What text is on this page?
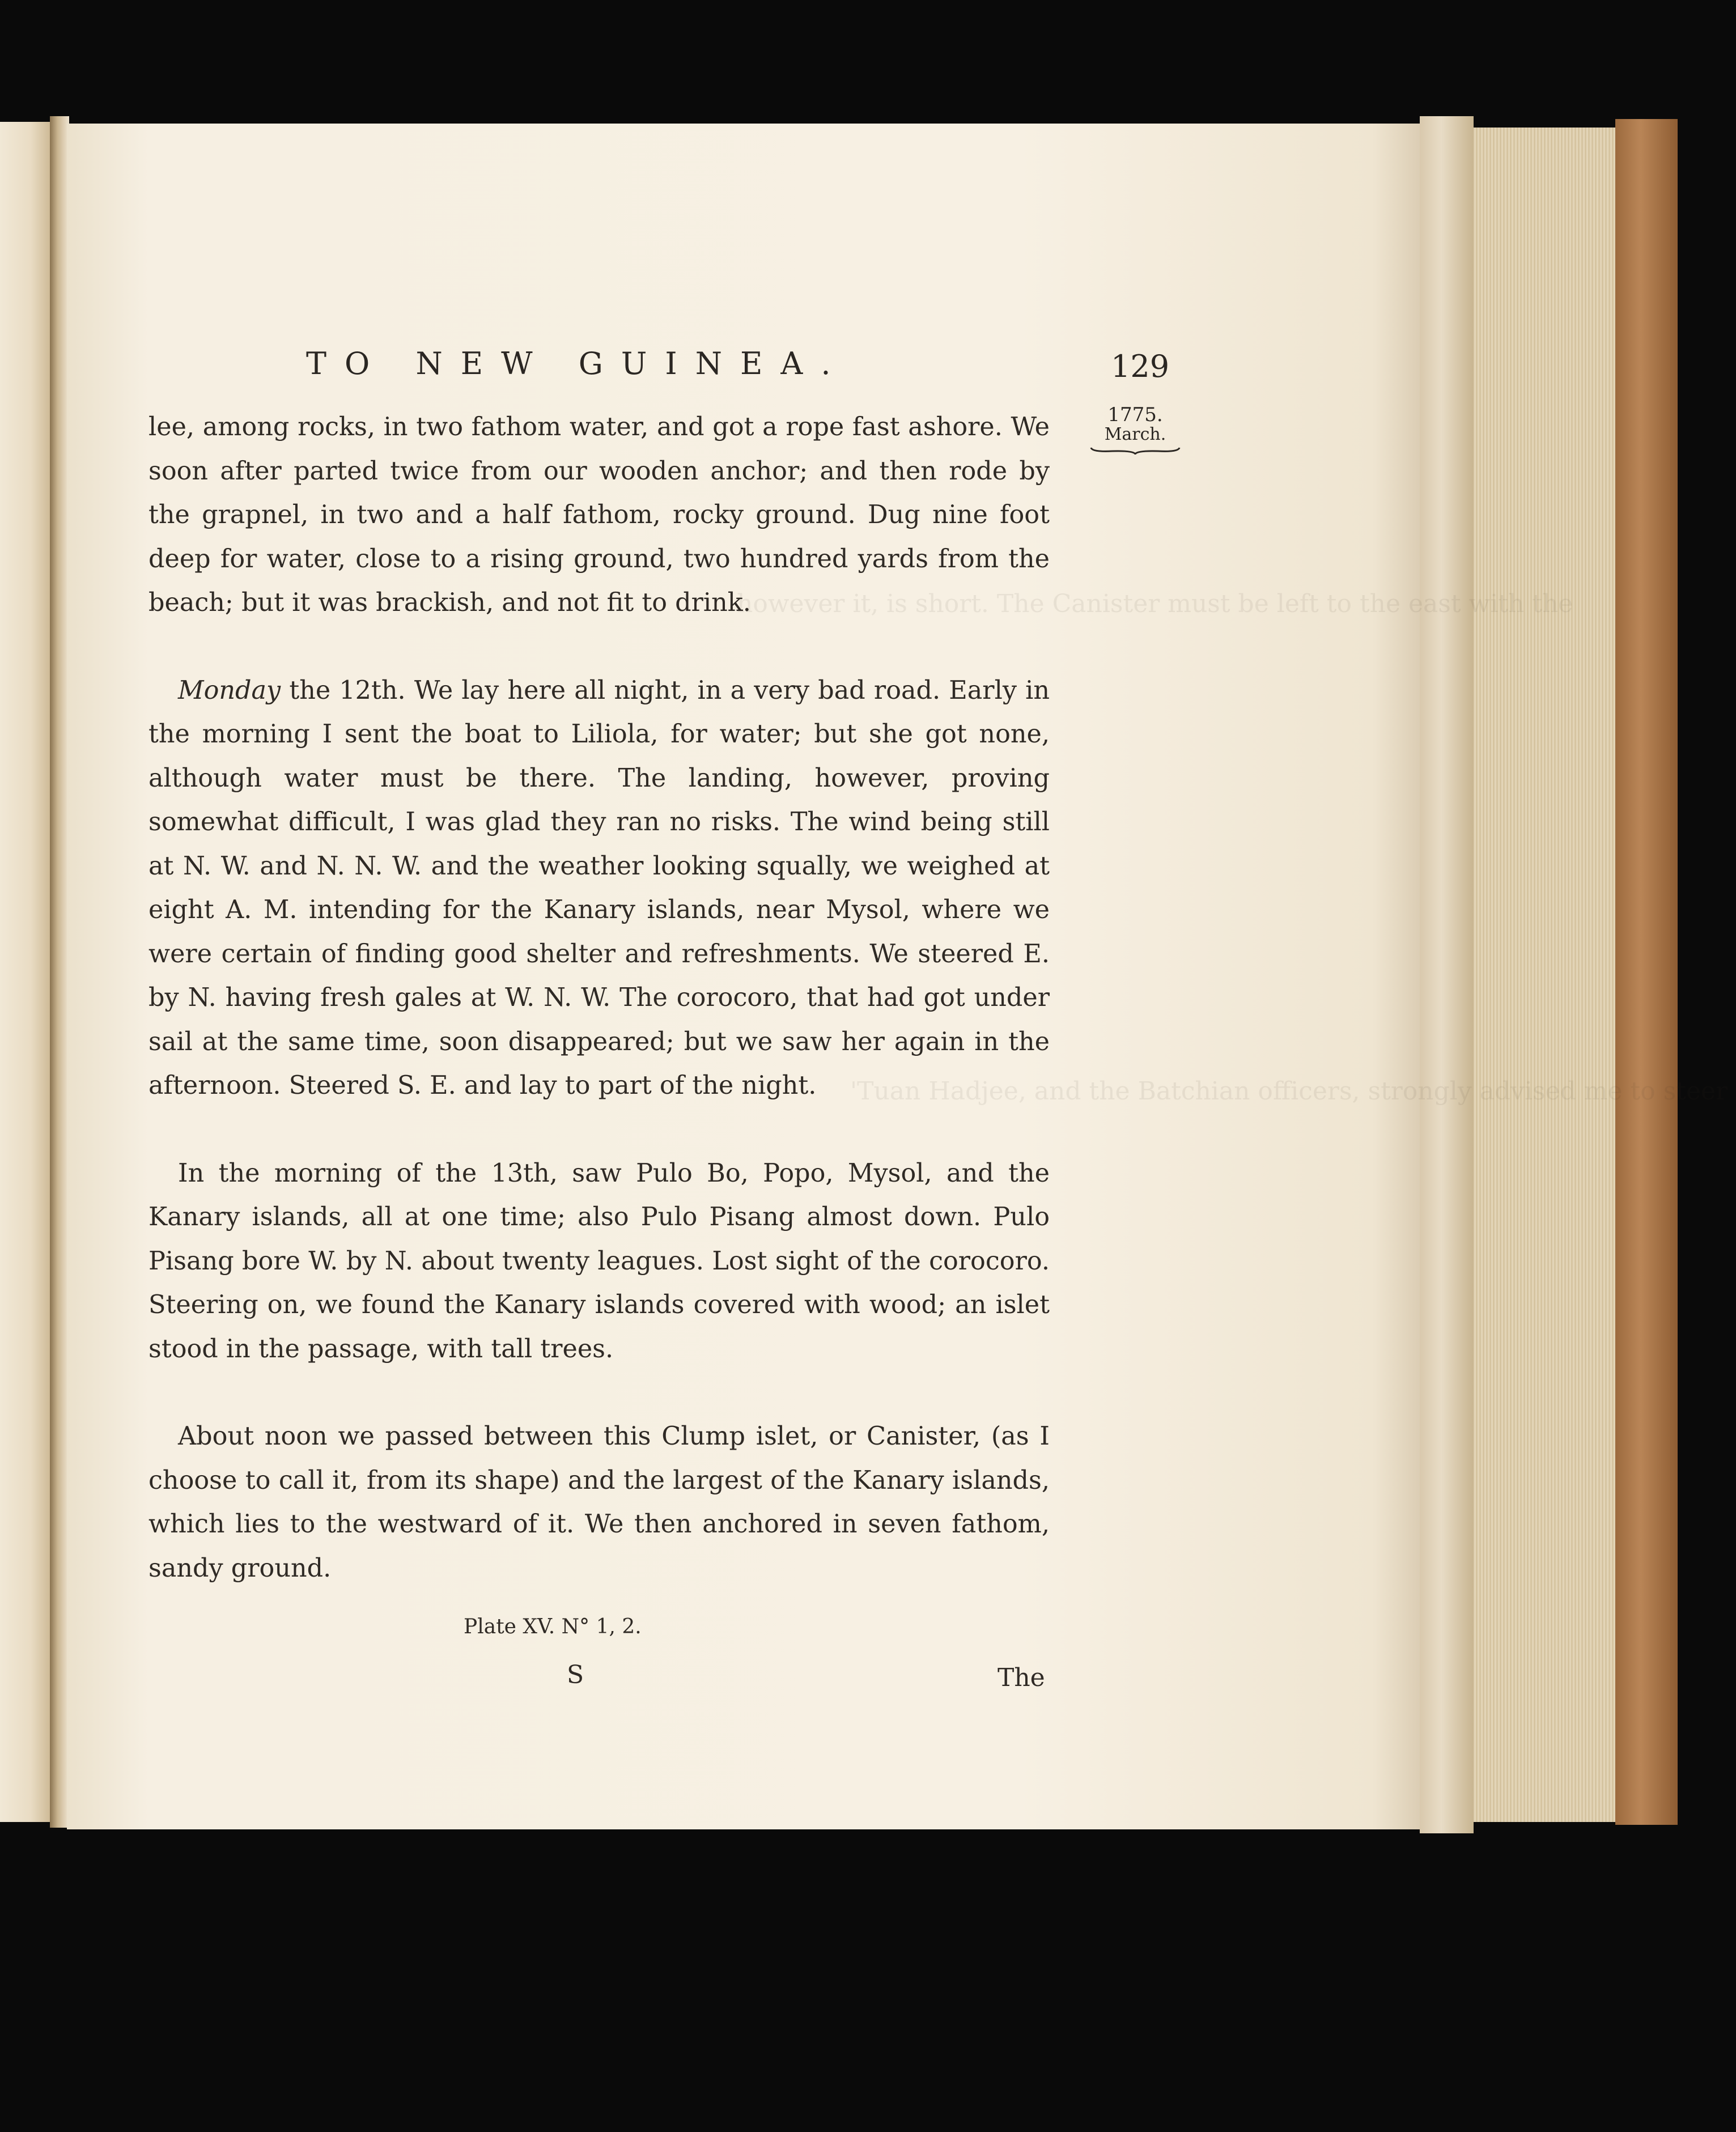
however it, is short. The Canister must be left to the east with the
'Tuan Hadjee, and the Batchian officers, strongly advised me to steer
TO NEW GUINEA.	129
1775.
March.

lee, among rocks, in two fathom water, and got a rope fast ashore. We soon after parted twice from our wooden anchor; and then rode by the grapnel, in two and a half fathom, rocky ground. Dug nine foot deep for water, close to a rising ground, two hundred yards from the beach; but it was brackish, and not fit to drink.

Monday the 12th. We lay here all night, in a very bad road. Early in the morning I sent the boat to Liliola, for water; but she got none, although water must be there. The landing, however, proving somewhat difficult, I was glad they ran no risks. The wind being still at N. W. and N. N. W. and the weather looking squally, we weighed at eight A. M. intending for the Kanary islands, near Mysol, where we were certain of finding good shelter and refreshments. We steered E. by N. having fresh gales at W. N. W. The corocoro, that had got under sail at the same time, soon disappeared; but we saw her again in the afternoon. Steered S. E. and lay to part of the night.

In the morning of the 13th, saw Pulo Bo, Popo, Mysol, and the Kanary islands, all at one time; also Pulo Pisang almost down. Pulo Pisang bore W. by N. about twenty leagues. Lost sight of the corocoro. Steering on, we found the Kanary islands covered with wood; an islet stood in the passage, with tall trees.

About noon we passed between this Clump islet, or Canister, (as I choose to call it, from its shape) and the largest of the Kanary islands, which lies to the westward of it. We then anchored in seven fathom, sandy ground.

Plate XV. N° 1, 2.
S	The
